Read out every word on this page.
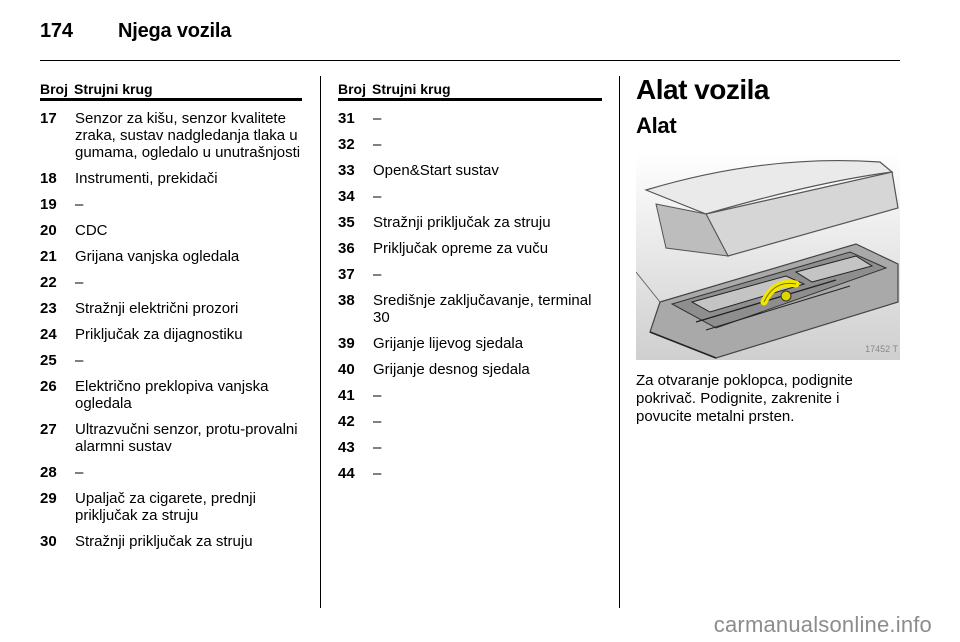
174 Njega vozila
Broj Strujni krug
17	Senzor za kišu, senzor kvalitete zraka, sustav nadgledanja tlaka u gumama, ogledalo u unutrašnjosti
18	Instrumenti, prekidači
19	–
20	CDC
21	Grijana vanjska ogledala
22	–
23	Stražnji električni prozori
24	Priključak za dijagnostiku
25	–
26	Električno preklopiva vanjska ogledala
27	Ultrazvučni senzor, protu-provalni alarmni sustav
28	–
29	Upaljač za cigarete, prednji priključak za struju
30	Stražnji priključak za struju
Broj Strujni krug
31	–
32	–
33	Open&Start sustav
34	–
35	Stražnji priključak za struju
36	Priključak opreme za vuču
37	–
38	Središnje zaključavanje, terminal 30
39	Grijanje lijevog sjedala
40	Grijanje desnog sjedala
41	–
42	–
43	–
44	–
Alat vozila
Alat
17452 T
Za otvaranje poklopca, podignite pokrivač. Podignite, zakrenite i povucite metalni prsten.
carmanualsonline.info
